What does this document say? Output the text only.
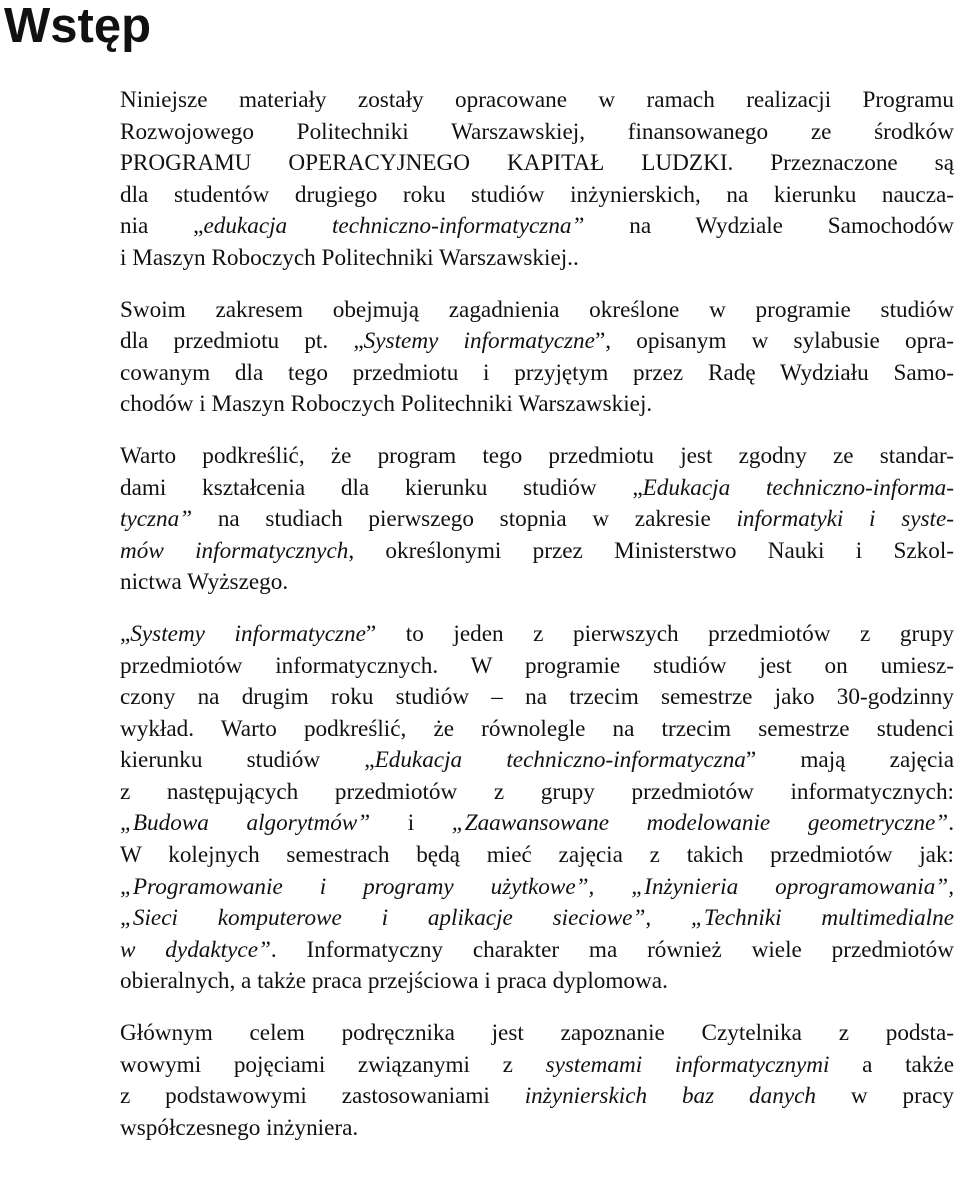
Wstęp
Niniejsze materiały zostały opracowane w ramach realizacji Programu
Rozwojowego Politechniki Warszawskiej, finansowanego ze środków
PROGRAMU OPERACYJNEGO KAPITAŁ LUDZKI. Przeznaczone są
dla studentów drugiego roku studiów inżynierskich, na kierunku naucza-
nia „edukacja techniczno-informatyczna” na Wydziale Samochodów
i Maszyn Roboczych Politechniki Warszawskiej..
Swoim zakresem obejmują zagadnienia określone w programie studiów
dla przedmiotu pt. „Systemy informatyczne”, opisanym w sylabusie opra-
cowanym dla tego przedmiotu i przyjętym przez Radę Wydziału Samo-
chodów i Maszyn Roboczych Politechniki Warszawskiej.
Warto podkreślić, że program tego przedmiotu jest zgodny ze standar-
dami kształcenia dla kierunku studiów „Edukacja techniczno-informa-
tyczna” na studiach pierwszego stopnia w zakresie informatyki i syste-
mów informatycznych, określonymi przez Ministerstwo Nauki i Szkol-
nictwa Wyższego.
„Systemy informatyczne” to jeden z pierwszych przedmiotów z grupy
przedmiotów informatycznych. W programie studiów jest on umiesz-
czony na drugim roku studiów – na trzecim semestrze jako 30-godzinny
wykład. Warto podkreślić, że równolegle na trzecim semestrze studenci
kierunku studiów „Edukacja techniczno-informatyczna” mają zajęcia
z następujących przedmiotów z grupy przedmiotów informatycznych:
„Budowa algorytmów” i „Zaawansowane modelowanie geometryczne”.
W kolejnych semestrach będą mieć zajęcia z takich przedmiotów jak:
„Programowanie i programy użytkowe”, „Inżynieria oprogramowania”,
„Sieci komputerowe i aplikacje sieciowe”, „Techniki multimedialne
w dydaktyce”. Informatyczny charakter ma również wiele przedmiotów
obieralnych, a także praca przejściowa i praca dyplomowa.
Głównym celem podręcznika jest zapoznanie Czytelnika z podsta-
wowymi pojęciami związanymi z systemami informatycznymi a także
z podstawowymi zastosowaniami inżynierskich baz danych w pracy
współczesnego inżyniera.
